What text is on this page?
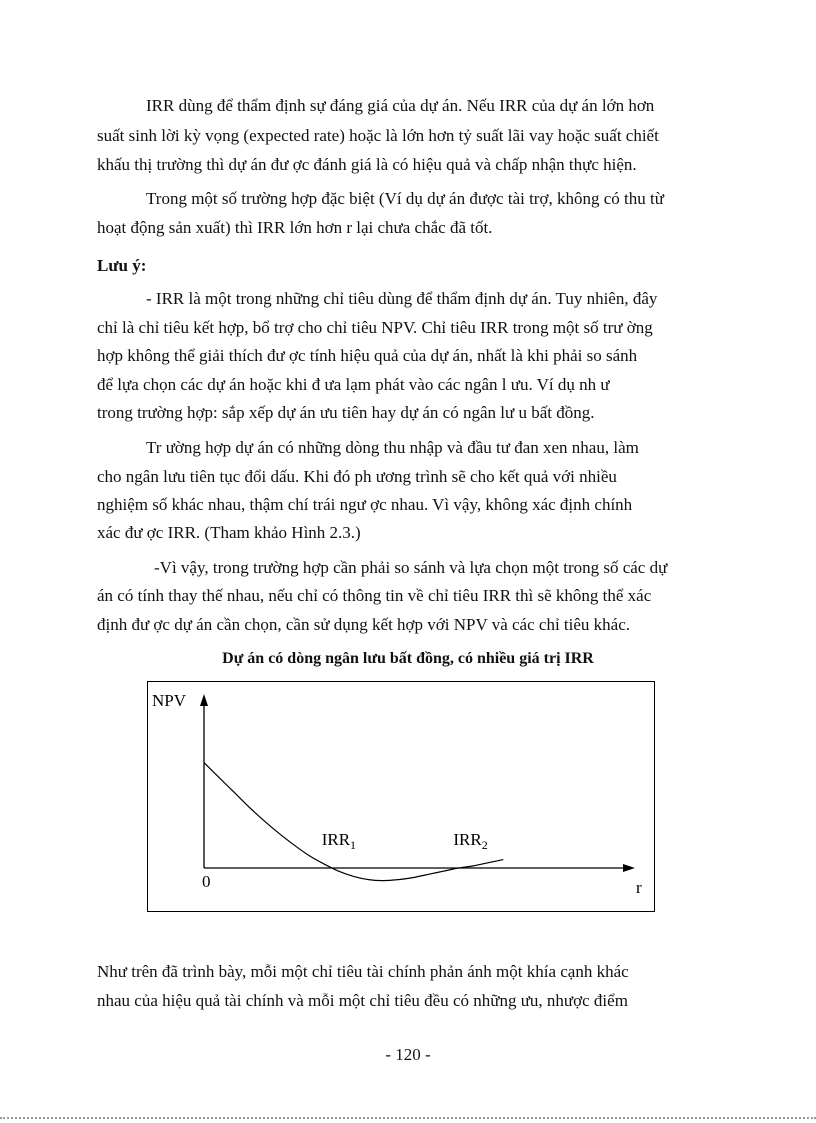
IRR dùng để thẩm định sự đáng giá của dự án. Nếu IRR của dự án lớn hơn
suất sinh lời kỳ vọng (expected rate) hoặc là lớn hơn tỷ suất lãi vay hoặc suất chiết
khấu thị trường thì dự án đư ợc đánh giá là có hiệu quả và chấp nhận thực hiện.
Trong một số trường hợp đặc biệt (Ví dụ dự án được tài trợ, không có thu từ
hoạt động sản xuất) thì IRR lớn hơn r lại chưa chắc đã tốt.
Lưu ý:
- IRR là một trong những chỉ tiêu dùng để thẩm định dự án. Tuy nhiên, đây
chỉ là chỉ tiêu kết hợp, bổ trợ cho chỉ tiêu NPV. Chỉ tiêu IRR trong một số trư ờng
hợp không thể giải thích đư ợc tính hiệu quả của dự án, nhất là khi phải so sánh
để lựa chọn các dự án hoặc khi đ ưa lạm phát vào các ngân l ưu. Ví dụ nh ư
trong trường hợp: sắp xếp dự án ưu tiên hay dự án có ngân lư u bất đồng.
Tr ường hợp dự án có những dòng thu nhập và đầu tư đan xen nhau, làm
cho ngân lưu tiên tục đổi dấu. Khi đó ph ương trình sẽ cho kết quả với nhiều
nghiệm số khác nhau, thậm chí trái ngư ợc nhau. Vì vậy, không xác định chính
xác đư ợc IRR. (Tham khảo Hình 2.3.)
-Vì vậy, trong trường hợp cần phải so sánh và lựa chọn một trong số các dự
án có tính thay thế nhau, nếu chỉ có thông tin về chỉ tiêu IRR thì sẽ không thể xác
định đư ợc dự án cần chọn, cần sử dụng kết hợp với NPV và các chỉ tiêu khác.
Dự án có dòng ngân lưu bất đồng, có nhiều giá trị IRR
NPV
r
0
$IRR_1$	$IRR_2$
Như trên đã trình bày, mỗi một chỉ tiêu tài chính phản ánh một khía cạnh khác
nhau của hiệu quả tài chính và mỗi một chỉ tiêu đều có những ưu, nhược điểm
- 120 -
